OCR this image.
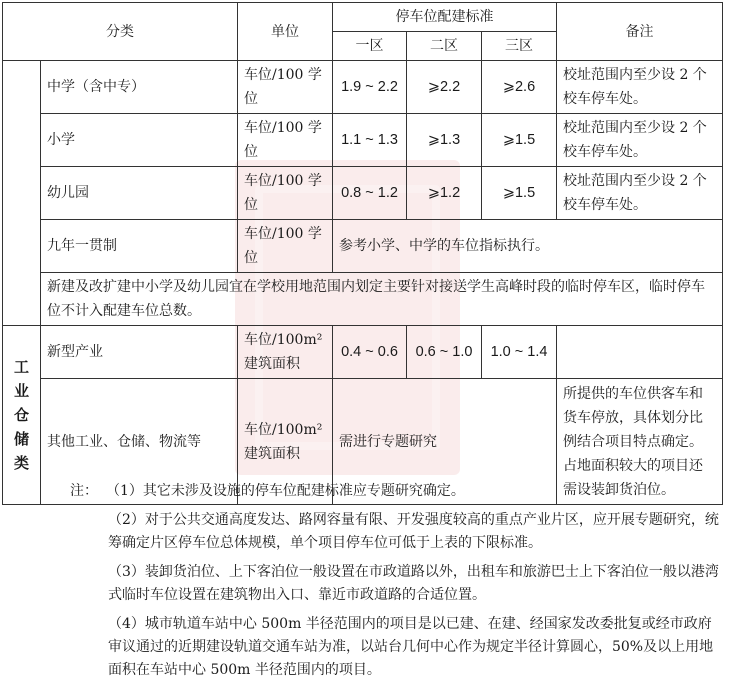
分类		单位	停车位配建标准			备注
			一区	二区	三区	
	中学（含中专）	车位/100 学位	1.9 ~ 2.2	⩾2.2	⩾2.6	校址范围内至少设 2 个校车停车处。
	小学	车位/100 学位	1.1 ~ 1.3	⩾1.3	⩾1.5	校址范围内至少设 2 个校车停车处。
	幼儿园	车位/100 学位	0.8 ~ 1.2	⩾1.2	⩾1.5	校址范围内至少设 2 个校车停车处。
	九年一贯制	车位/100 学位	参考小学、中学的车位指标执行。			
	新建及改扩建中小学及幼儿园宜在学校用地范围内划定主要针对接送学生高峰时段的临时停车区，临时停车位不计入配建车位总数。					

工
业
仓
储
类	新型产业	车位/100m² 建筑面积	0.4 ~ 0.6	0.6 ~ 1.0	1.0 ~ 1.4	
	其他工业、仓储、物流等	车位/100m² 建筑面积	需进行专题研究			所提供的车位供客车和货车停放，具体划分比例结合项目特点确定。占地面积较大的项目还需设装卸货泊位。
注： （1）其它未涉及设施的停车位配建标准应专题研究确定。
（2）对于公共交通高度发达、路网容量有限、开发强度较高的重点产业片区，应开展专题研究，统筹确定片区停车位总体规模，单个项目停车位可低于上表的下限标准。
（3）装卸货泊位、上下客泊位一般设置在市政道路以外，出租车和旅游巴士上下客泊位一般以港湾式临时车位设置在建筑物出入口、靠近市政道路的合适位置。
（4）城市轨道车站中心 500m 半径范围内的项目是以已建、在建、经国家发改委批复或经市政府审议通过的近期建设轨道交通车站为准，以站台几何中心作为规定半径计算圆心，50%及以上用地面积在车站中心 500m 半径范围内的项目。
